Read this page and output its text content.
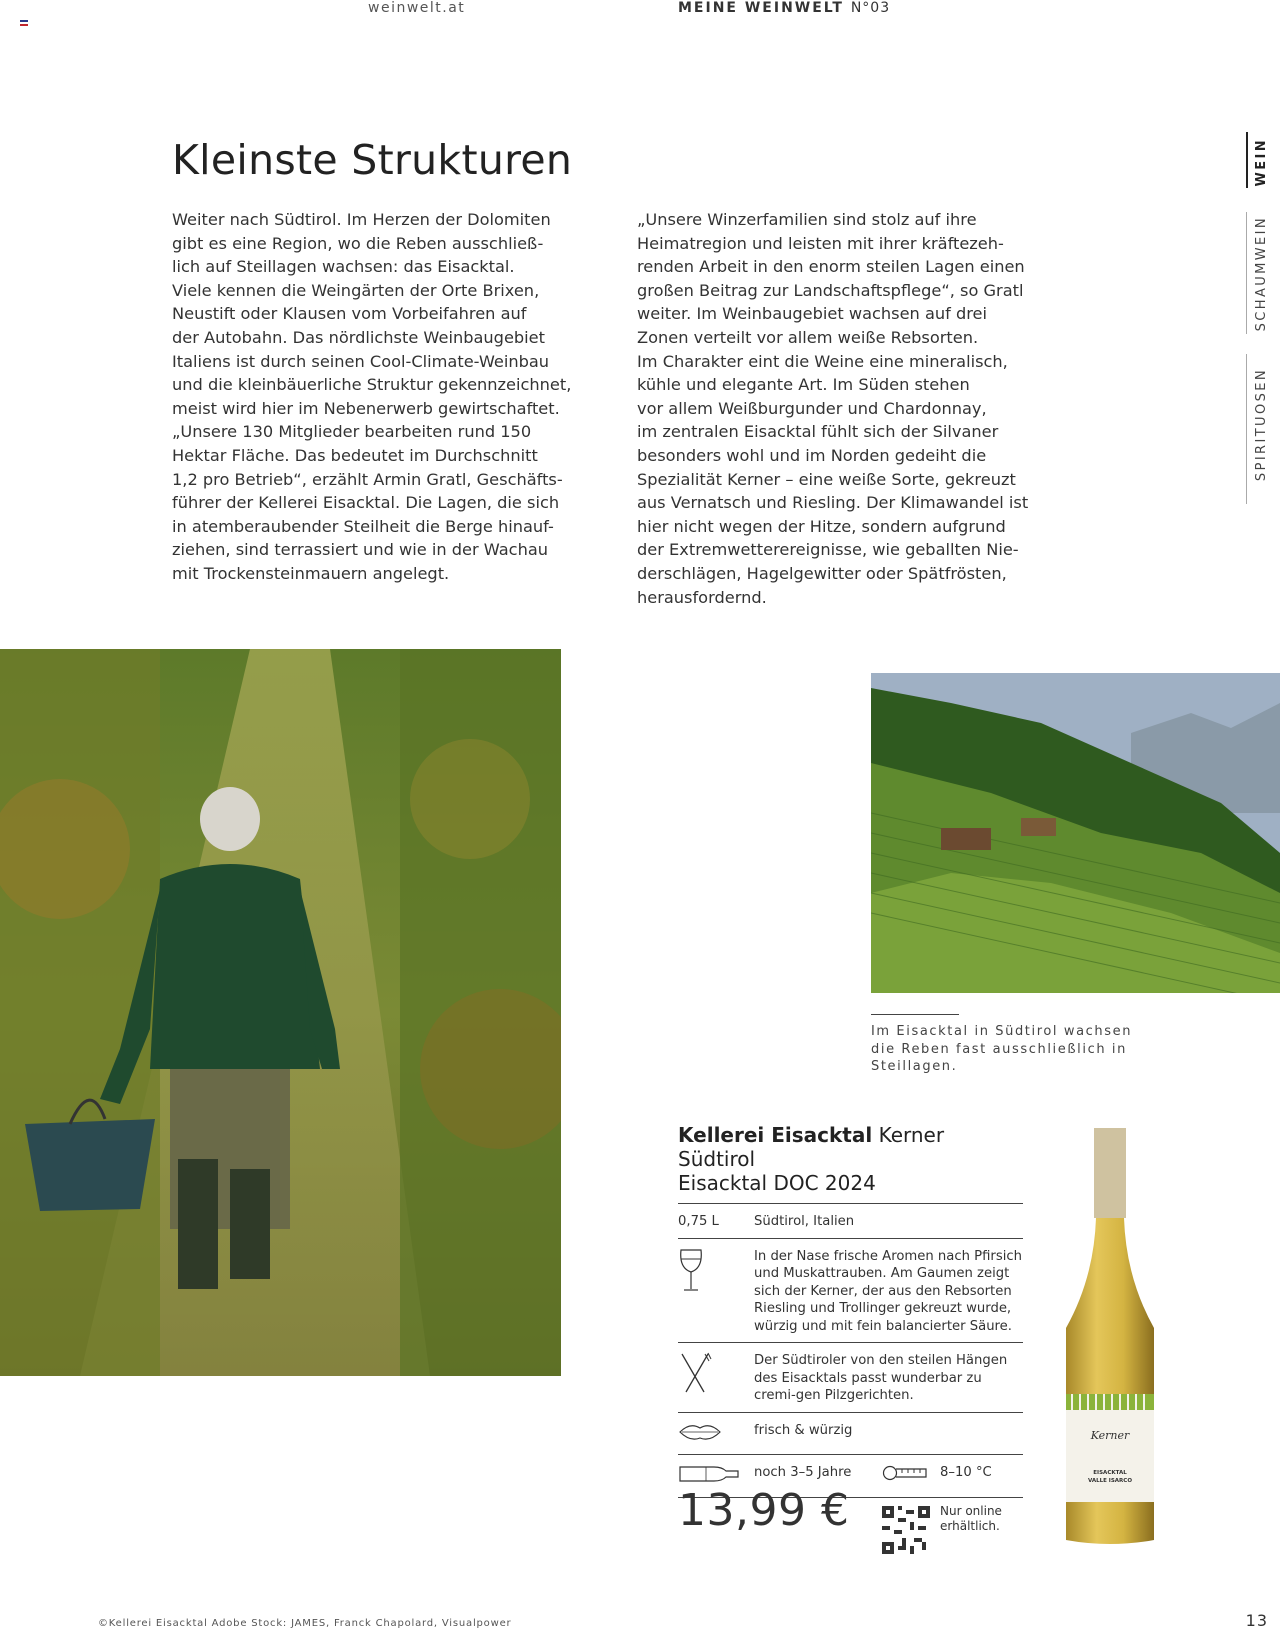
weinwelt.at	MEINE WEINWELT N°03
WEIN
SCHAUMWEIN
SPIRITUOSEN
Kleinste Strukturen
Weiter nach Südtirol. Im Herzen der Dolomiten
gibt es eine Region, wo die Reben ausschließ-
lich auf Steillagen wachsen: das Eisacktal.
Viele kennen die Weingärten der Orte Brixen,
Neustift oder Klausen vom Vorbeifahren auf
der Autobahn. Das nördlichste Weinbaugebiet
Italiens ist durch seinen Cool-Climate-Weinbau
und die kleinbäuerliche Struktur gekennzeichnet,
meist wird hier im Nebenerwerb gewirtschaftet.
„Unsere 130 Mitglieder bearbeiten rund 150
Hektar Fläche. Das bedeutet im Durchschnitt
1,2 pro Betrieb“, erzählt Armin Gratl, Geschäfts-
führer der Kellerei Eisacktal. Die Lagen, die sich
in atemberaubender Steilheit die Berge hinauf-
ziehen, sind terrassiert und wie in der Wachau
mit Trockensteinmauern angelegt.
„Unsere Winzerfamilien sind stolz auf ihre
Heimatregion und leisten mit ihrer kräftezeh-
renden Arbeit in den enorm steilen Lagen einen
großen Beitrag zur Landschaftspflege“, so Gratl
weiter. Im Weinbaugebiet wachsen auf drei
Zonen verteilt vor allem weiße Rebsorten.
Im Charakter eint die Weine eine mineralisch,
kühle und elegante Art. Im Süden stehen
vor allem Weißburgunder und Chardonnay,
im zentralen Eisacktal fühlt sich der Silvaner
besonders wohl und im Norden gedeiht die
Spezialität Kerner – eine weiße Sorte, gekreuzt
aus Vernatsch und Riesling. Der Klimawandel ist
hier nicht wegen der Hitze, sondern aufgrund
der Extremwetterereignisse, wie geballten Nie-
derschlägen, Hagelgewitter oder Spätfrösten,
herausfordernd.
Im Eisacktal in Südtirol wachsen
die Reben fast ausschließlich in
Steillagen.
Kellerei Eisacktal Kerner Südtirol
Eisacktal DOC 2024
0,75 L	Südtirol, Italien
In der Nase frische Aromen nach Pfirsich und Muskattrauben. Am Gaumen zeigt sich der Kerner, der aus den Rebsorten Riesling und Trollinger gekreuzt wurde, würzig und mit fein balancierter Säure.
Der Südtiroler von den steilen Hängen des Eisacktals passt wunderbar zu cremi-gen Pilzgerichten.
frisch & würzig
noch 3–5 Jahre	8–10 °C
13,99 €	Nur online
erhältlich.
Kerner
EISACKTAL
VALLE ISARCO
©Kellerei Eisacktal Adobe Stock: JAMES, Franck Chapolard, Visualpower	13
